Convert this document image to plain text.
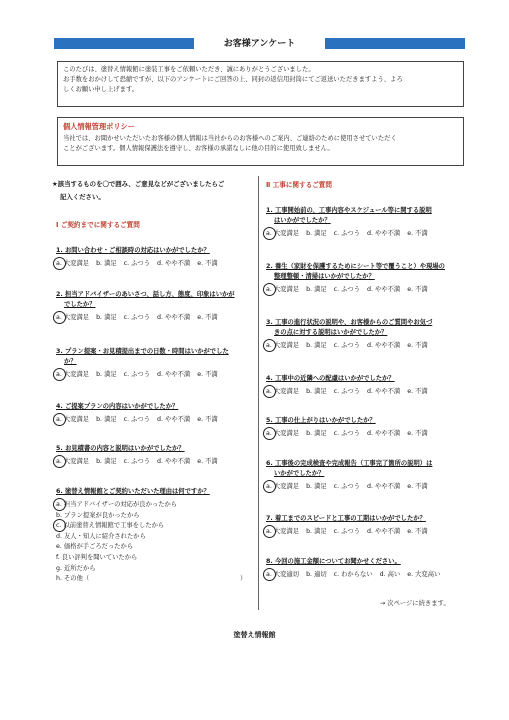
お客様アンケート
このたびは、塗替え情報館に塗装工事をご依頼いただき、誠にありがとうございました。
お手数をおかけして恐縮ですが、以下のアンケートにご回答の上、同封の返信用封筒にてご返送いただきますよう、よろ
しくお願い申し上げます。
個人情報管理ポリシー
当社では、お聞かせいただいたお客様の個人情報は当社からのお客様へのご案内、ご連絡のために使用させていただく
ことがございます。個人情報保護法を遵守し、お客様の承諾なしに他の目的に使用致しません。
★該当するものを〇で囲み、ご意見などがございましたらご
記入ください。
Ⅰ ご契約までに関するご質問
Ⅱ 工事に関するご質問
1. お問い合わせ・ご相談時の対応はいかがでしたか？
a. 大変満足 b. 満足 c. ふつう d. やや不満 e. 不満
2. 担当アドバイザーのあいさつ、話し方、態度、印象はいかが
でしたか？
a. 大変満足 b. 満足 c. ふつう d. やや不満 e. 不満
3. プラン提案・お見積提出までの日数・時間はいかがでした
か？
a. 大変満足 b. 満足 c. ふつう d. やや不満 e. 不満
4. ご提案プランの内容はいかがでしたか？
a. 大変満足 b. 満足 c. ふつう d. やや不満 e. 不満
5. お見積書の内容と説明はいかがでしたか？
a. 大変満足 b. 満足 c. ふつう d. やや不満 e. 不満
6. 塗替え情報館とご契約いただいた理由は何ですか？
a. 担当アドバイザーの対応が良かったから
b. プラン提案が良かったから
c. 以前塗替え情報館で工事をしたから
d. 友人・知人に紹介されたから
e. 価格が手ごろだったから
f. 良い評判を聞いていたから
g. 近所だから
h. その他（	）
1. 工事開始前の、工事内容やスケジュール等に関する説明
はいかがでしたか？
a. 大変満足 b. 満足 c. ふつう d. やや不満 e. 不満
2. 養生（家財を保護するためにシート等で覆うこと）や現場の
整理整頓・清掃はいかがでしたか？
a. 大変満足 b. 満足 c. ふつう d. やや不満 e. 不満
3. 工事の進行状況の説明や、お客様からのご質問やお気づ
きの点に対する説明はいかがでしたか？
a. 大変満足 b. 満足 c. ふつう d. やや不満 e. 不満
4. 工事中の近隣への配慮はいかがでしたか？
a. 大変満足 b. 満足 c. ふつう d. やや不満 e. 不満
5. 工事の仕上がりはいかがでしたか？
a. 大変満足 b. 満足 c. ふつう d. やや不満 e. 不満
6. 工事後の完成検査や完成報告（工事完了箇所の説明）は
いかがでしたか？
a. 大変満足 b. 満足 c. ふつう d. やや不満 e. 不満
7. 着工までのスピードと工事の工期はいかがでしたか？
a. 大変満足 b. 満足 c. ふつう d. やや不満 e. 不満
8. 今回の施工金額についてお聞かせください。
a. 大変適切 b. 適切 c. わからない d. 高い e. 大変高い
→ 次ページに続きます。
塗替え情報館
